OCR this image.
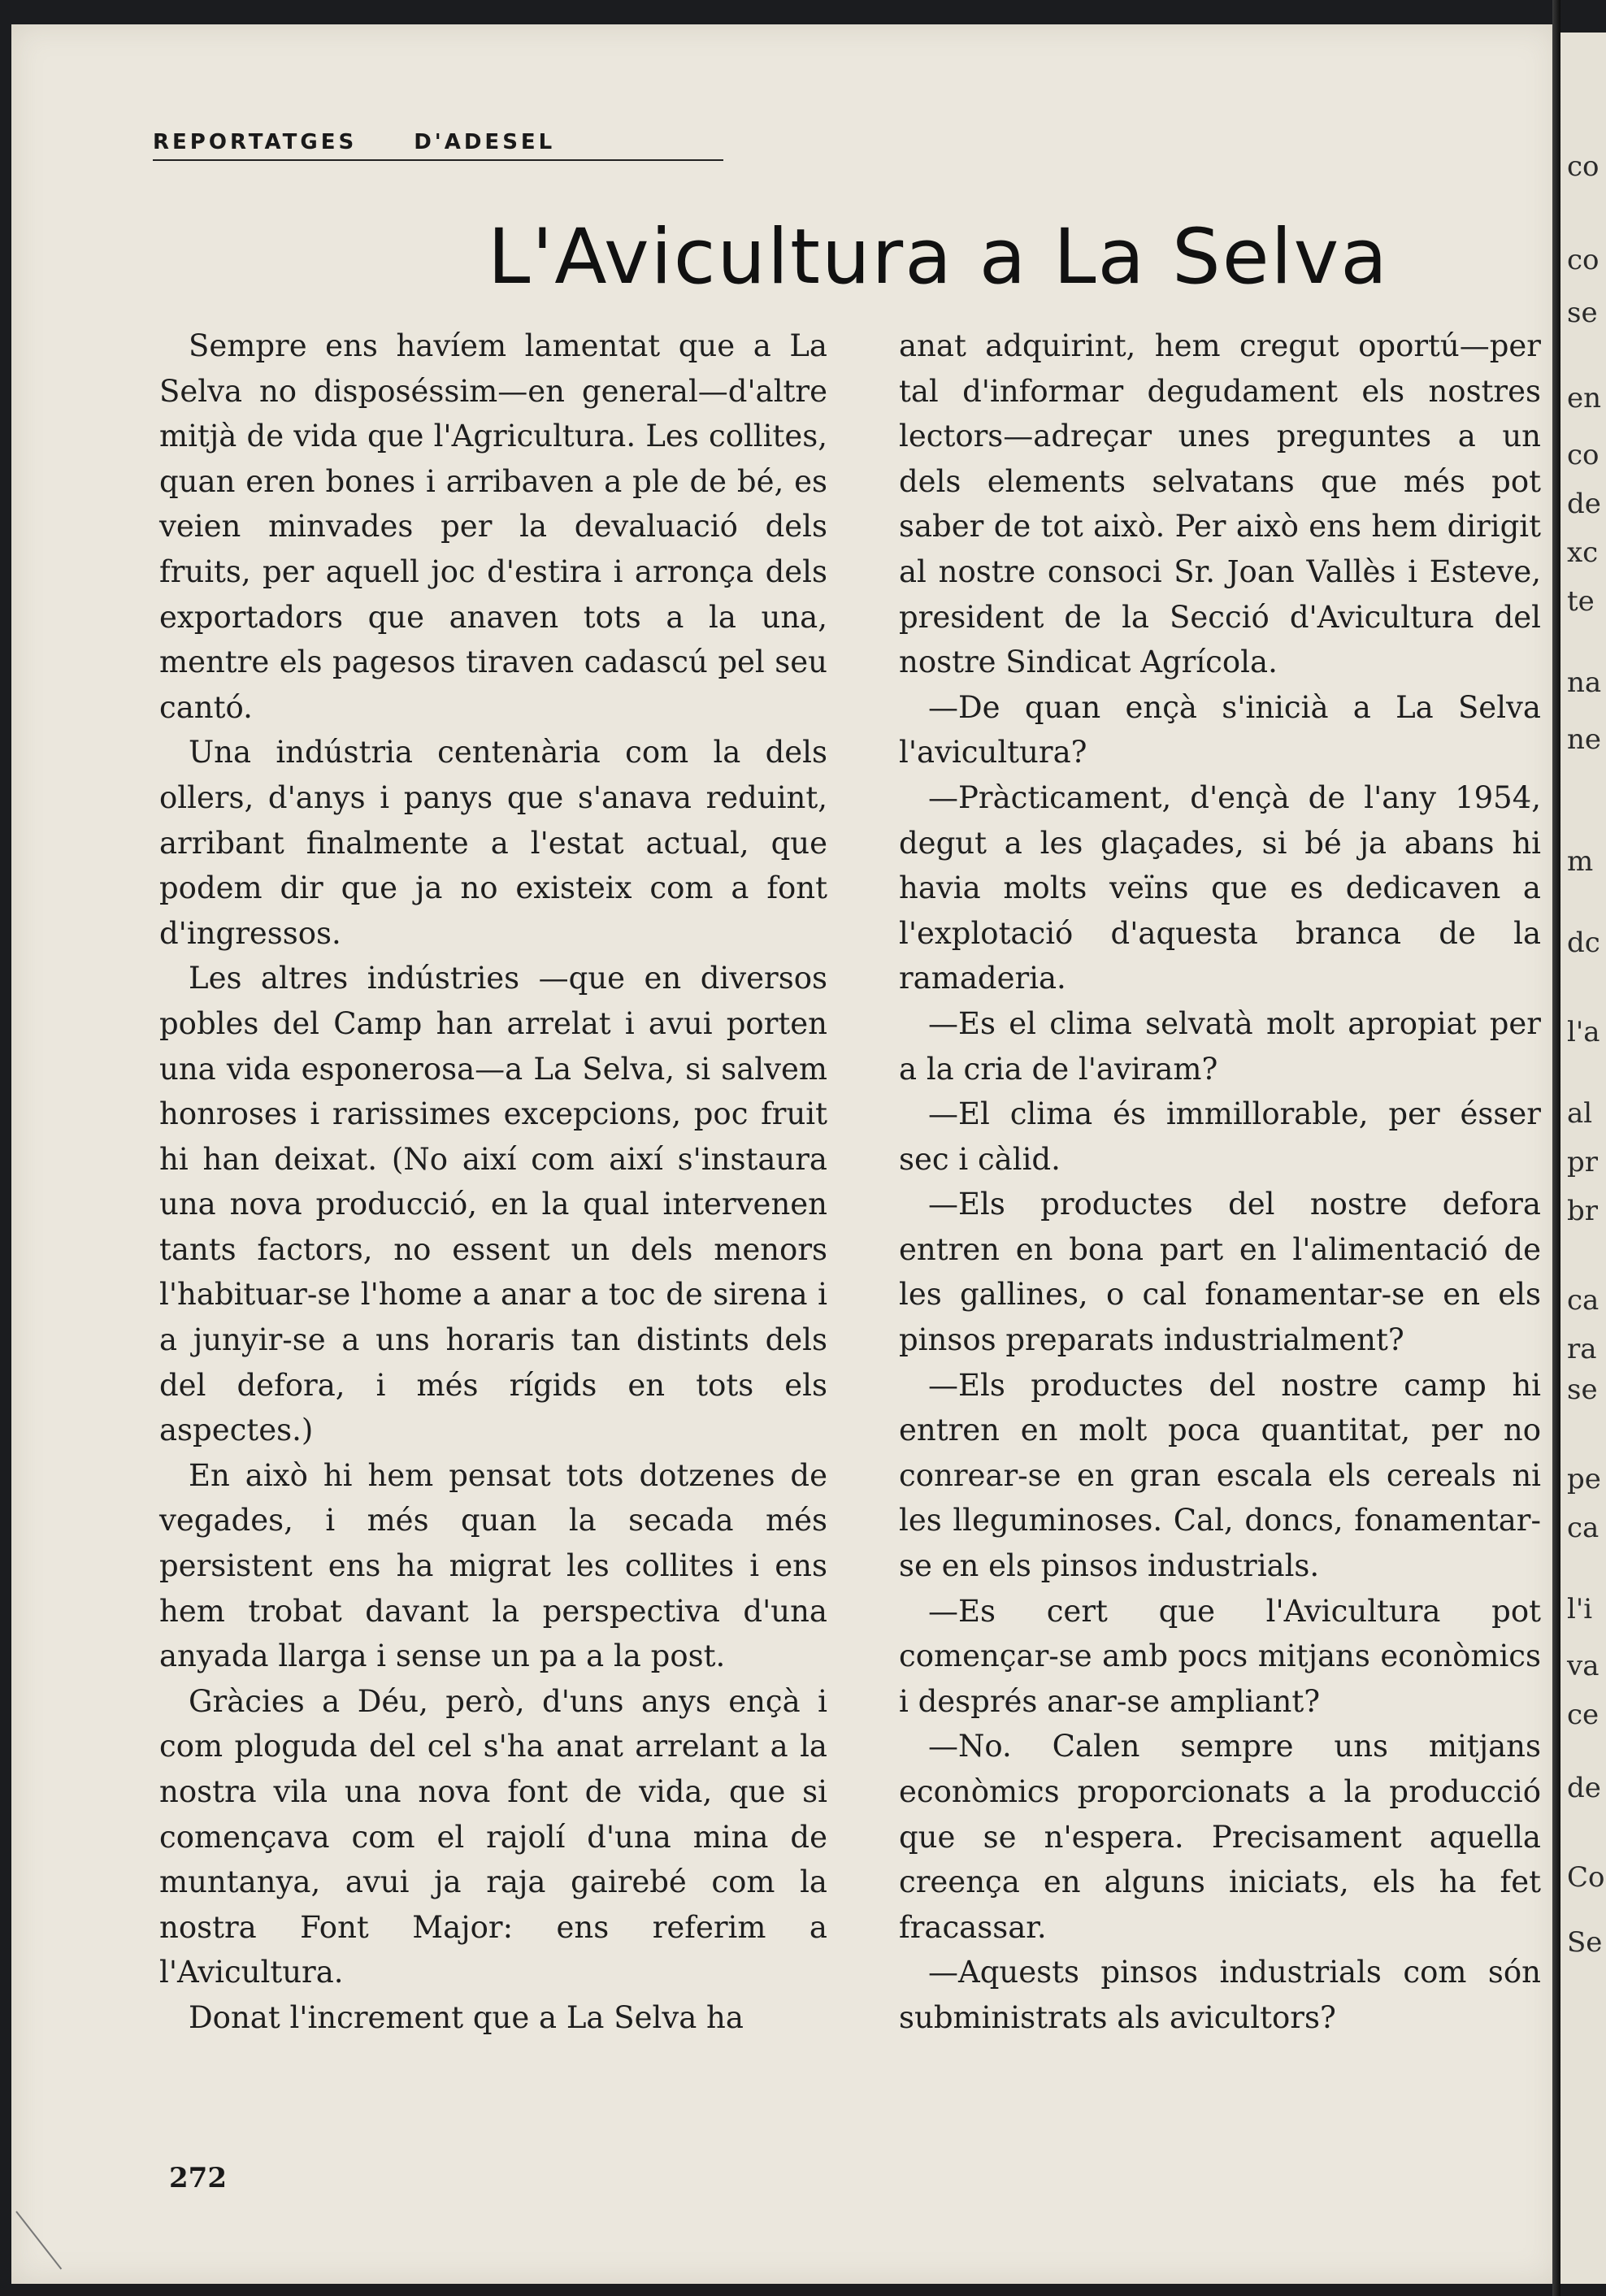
co
co
se
en
co
de
xc
te
na
ne
m
dc
l'a
al
pr
br
ca
ra
se
pe
ca
l'i
va
ce
de
Co
Se
REPORTATGES	D'ADESEL
L'Avicultura a La Selva

Sempre ens havíem lamentat que a La Selva no disposéssim—en general—d'altre mitjà de vida que l'Agricultura. Les collites, quan eren bones i arribaven a ple de bé, es veien minvades per la devaluació dels fruits, per aquell joc d'estira i arronça dels exportadors que anaven tots a la una, mentre els pagesos tiraven cadascú pel seu cantó.

Una indústria centenària com la dels ollers, d'anys i panys que s'anava reduint, arribant finalmente a l'estat actual, que podem dir que ja no existeix com a font d'ingressos.

Les altres indústries —que en diversos pobles del Camp han arrelat i avui porten una vida esponerosa—a La Selva, si salvem honroses i rarissimes excepcions, poc fruit hi han deixat. (No així com així s'instaura una nova producció, en la qual intervenen tants factors, no essent un dels menors l'habituar-se l'home a anar a toc de sirena i a junyir-se a uns horaris tan distints dels del defora, i més rígids en tots els aspectes.)

En això hi hem pensat tots dotzenes de vegades, i més quan la secada més persistent ens ha migrat les collites i ens hem trobat davant la perspectiva d'una anyada llarga i sense un pa a la post.

Gràcies a Déu, però, d'uns anys ençà i com ploguda del cel s'ha anat arrelant a la nostra vila una nova font de vida, que si començava com el rajolí d'una mina de muntanya, avui ja raja gairebé com la nostra Font Major: ens referim a l'Avicultura.

Donat l'increment que a La Selva ha

anat adquirint, hem cregut oportú—per tal d'informar degudament els nostres lectors—adreçar unes preguntes a un dels elements selvatans que més pot saber de tot això. Per això ens hem dirigit al nostre consoci Sr. Joan Vallès i Esteve, president de la Secció d'Avicultura del nostre Sindicat Agrícola.

—De quan ençà s'inicià a La Selva l'avicultura?

—Pràcticament, d'ençà de l'any 1954, degut a les glaçades, si bé ja abans hi havia molts veïns que es dedicaven a l'explotació d'aquesta branca de la ramaderia.

—Es el clima selvatà molt apropiat per a la cria de l'aviram?

—El clima és immillorable, per ésser sec i càlid.

—Els productes del nostre defora entren en bona part en l'alimentació de les gallines, o cal fonamentar-se en els pinsos preparats industrialment?

—Els productes del nostre camp hi entren en molt poca quantitat, per no conrear-se en gran escala els cereals ni les lleguminoses. Cal, doncs, fonamentar-se en els pinsos industrials.

—Es cert que l'Avicultura pot començar-se amb pocs mitjans econòmics i després anar-se ampliant?

—No. Calen sempre uns mitjans econòmics proporcionats a la producció que se n'espera. Precisament aquella creença en alguns iniciats, els ha fet fracassar.

—Aquests pinsos industrials com són subministrats als avicultors?

272
